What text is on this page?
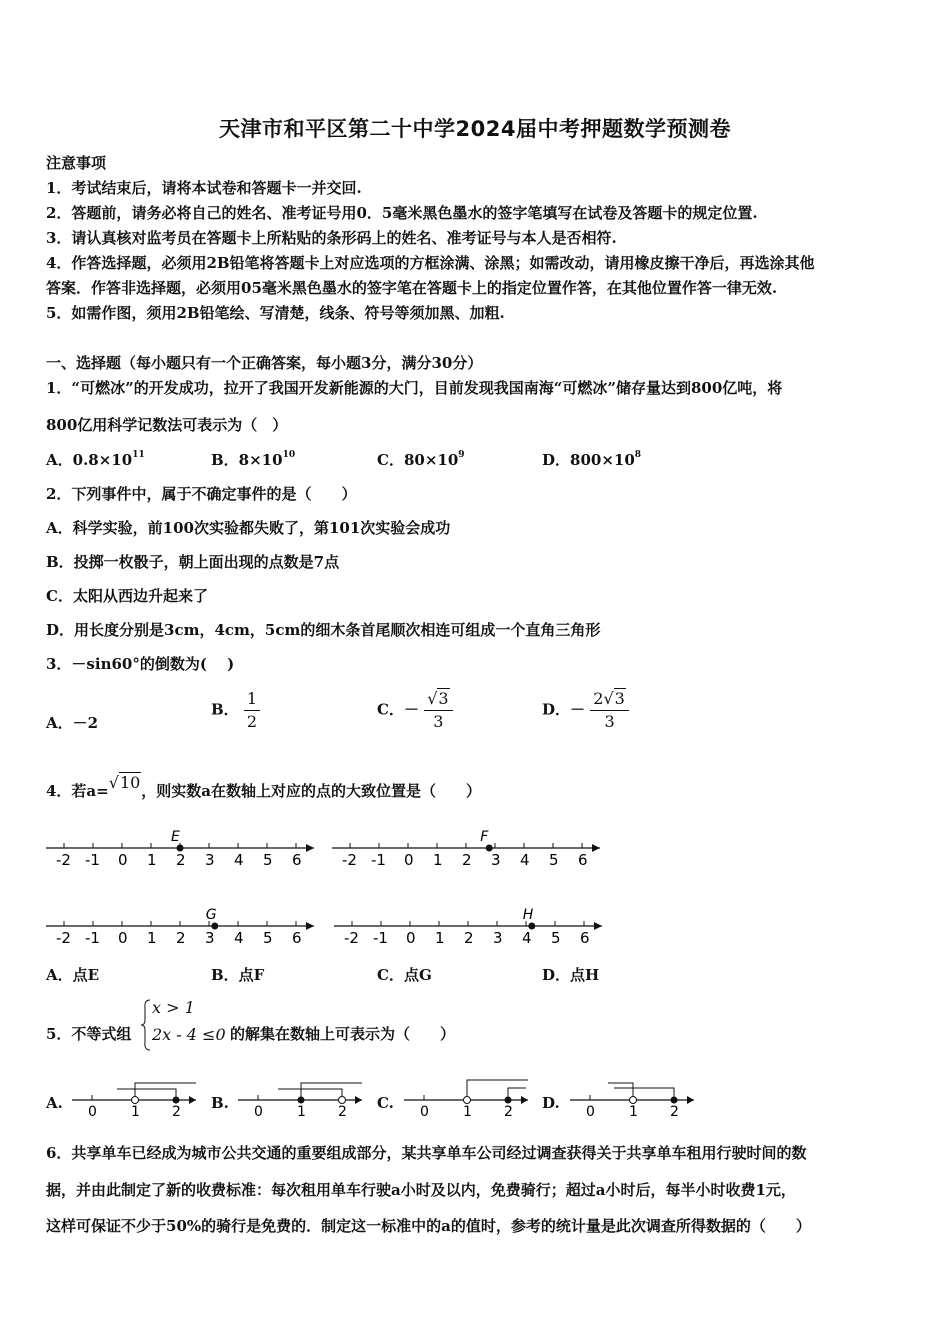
天津市和平区第二十中学2024届中考押题数学预测卷
注意事项
1．考试结束后，请将本试卷和答题卡一并交回.
2．答题前，请务必将自己的姓名、准考证号用0．5毫米黑色墨水的签字笔填写在试卷及答题卡的规定位置.
3．请认真核对监考员在答题卡上所粘贴的条形码上的姓名、准考证号与本人是否相符.
4．作答选择题，必须用2B铅笔将答题卡上对应选项的方框涂满、涂黑；如需改动，请用橡皮擦干净后，再选涂其他
答案．作答非选择题，必须用05毫米黑色墨水的签字笔在答题卡上的指定位置作答，在其他位置作答一律无效.
5．如需作图，须用2B铅笔绘、写清楚，线条、符号等须加黑、加粗.
一、选择题（每小题只有一个正确答案，每小题3分，满分30分）
1．“可燃冰”的开发成功，拉开了我国开发新能源的大门，目前发现我国南海“可燃冰”储存量达到800亿吨，将
800亿用科学记数法可表示为（　）
A．$0.8\times 10^{11}$	B．$8\times 10^{10}$	C．$80\times 10^9$	D．$800\times 10^8$
2．下列事件中，属于不确定事件的是（　　）
A．科学实验，前100次实验都失败了，第101次实验会成功
B．投掷一枚骰子，朝上面出现的点数是7点
C．太阳从西边升起来了
D．用长度分别是3cm，4cm，5cm的细木条首尾顺次相连可组成一个直角三角形
3．－sin60°的倒数为(　 )
A．－2
B． $\frac{1}{2}$	C．－ $\frac{√3}{3}$	D．－ $\frac{2√3}{3}$
4．若a=√10，则实数a在数轴上对应的点的大致位置是（　　）
-2 -1 0 1 2 3 4 5 6
E
-2 -1 0 1 2 3 4 5 6
F
-2 -1 0 1 2 3 4 5 6
G
-2 -1 0 1 2 3 4 5 6
H
A．点E	B．点F	C．点G	D．点H
5．不等式组
x > 1
2x - 4 ≤0 的解集在数轴上可表示为（　　）
A.	B.	C.	D.
0 1 2	0 1 2	0 1 2	0 1 2
6．共享单车已经成为城市公共交通的重要组成部分，某共享单车公司经过调查获得关于共享单车租用行驶时间的数
据，并由此制定了新的收费标准：每次租用单车行驶a小时及以内，免费骑行；超过a小时后，每半小时收费1元，
这样可保证不少于50%的骑行是免费的．制定这一标准中的a的值时，参考的统计量是此次调查所得数据的（　　）
